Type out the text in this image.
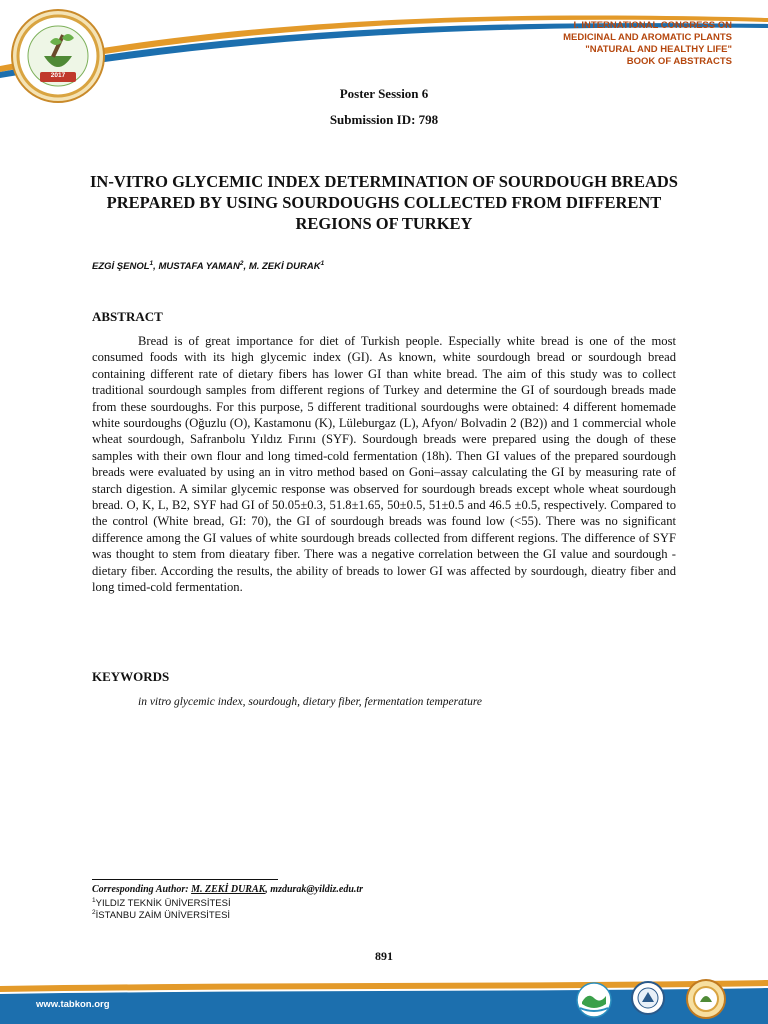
2017
I. INTERNATIONAL CONGRESS ON
MEDICINAL AND AROMATIC PLANTS
"NATURAL AND HEALTHY LIFE"
BOOK OF ABSTRACTS
Poster Session 6
Submission ID: 798
IN-VITRO GLYCEMIC INDEX DETERMINATION OF SOURDOUGH BREADS PREPARED BY USING SOURDOUGHS COLLECTED FROM DIFFERENT REGIONS OF TURKEY
EZGİ ŞENOL$^1$, MUSTAFA YAMAN$^2$, M. ZEKİ DURAK$^1$
ABSTRACT

Bread is of great importance for diet of Turkish people. Especially white bread is one of the most consumed foods with its high glycemic index (GI). As known, white sourdough bread or sourdough bread containing different rate of dietary fibers has lower GI than white bread. The aim of this study was to collect traditional sourdough samples from different regions of Turkey and determine the GI of sourdough breads made from these sourdoughs. For this purpose, 5 different traditional sourdoughs were obtained: 4 different homemade white sourdoughs (Oğuzlu (O), Kastamonu (K), Lüleburgaz (L), Afyon/ Bolvadin 2 (B2)) and 1 commercial whole wheat sourdough, Safranbolu Yıldız Fırını (SYF). Sourdough breads were prepared using the dough of these samples with their own flour and long timed-cold fermentation (18h). Then GI values of the prepared sourdough breads were evaluated by using an in vitro method based on Goni–assay calculating the GI by measuring rate of starch digestion. A similar glycemic response was observed for sourdough breads except whole wheat sourdough bread. O, K, L, B2, SYF had GI of 50.05±0.3, 51.8±1.65, 50±0.5, 51±0.5 and 46.5 ±0.5, respectively. Compared to the control (White bread, GI: 70), the GI of sourdough breads was found low (<55). There was no significant difference among the GI values of white sourdough breads collected from different regions. The difference of SYF was thought to stem from dieatary fiber. There was a negative correlation between the GI value and sourdough - dietary fiber. According the results, the ability of breads to lower GI was affected by sourdough, dieatry fiber and long timed-cold fermentation.

KEYWORDS
in vitro glycemic index, sourdough, dietary fiber, fermentation temperature
Corresponding Author: M. ZEKİ DURAK, mzdurak@yildiz.edu.tr
$^1$YILDIZ TEKNİK ÜNİVERSİTESİ
$^2$İSTANBU ZAİM ÜNİVERSİTESİ
891
www.tabkon.org
